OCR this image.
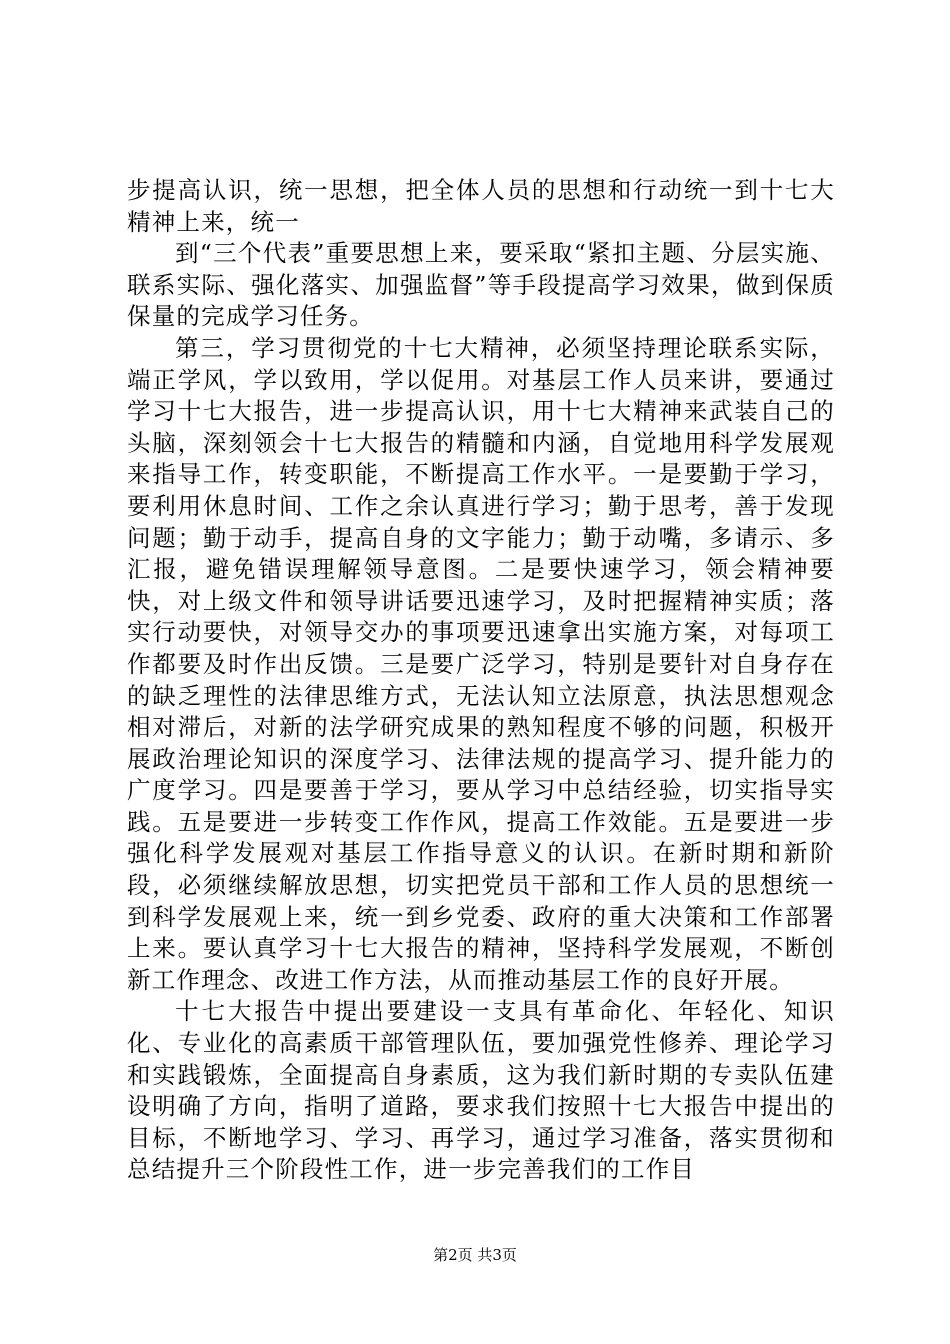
步提高认识，统一思想，把全体人员的思想和行动统一到十七大精神上来，统一

到“三个代表”重要思想上来，要采取“紧扣主题、分层实施、联系实际、强化落实、加强监督”等手段提高学习效果，做到保质保量的完成学习任务。

第三，学习贯彻党的十七大精神，必须坚持理论联系实际，端正学风，学以致用，学以促用。对基层工作人员来讲，要通过学习十七大报告，进一步提高认识，用十七大精神来武装自己的头脑，深刻领会十七大报告的精髓和内涵，自觉地用科学发展观来指导工作，转变职能，不断提高工作水平。一是要勤于学习，要利用休息时间、工作之余认真进行学习；勤于思考，善于发现问题；勤于动手，提高自身的文字能力；勤于动嘴，多请示、多汇报，避免错误理解领导意图。二是要快速学习，领会精神要快，对上级文件和领导讲话要迅速学习，及时把握精神实质；落实行动要快，对领导交办的事项要迅速拿出实施方案，对每项工作都要及时作出反馈。三是要广泛学习，特别是要针对自身存在的缺乏理性的法律思维方式，无法认知立法原意，执法思想观念相对滞后，对新的法学研究成果的熟知程度不够的问题，积极开展政治理论知识的深度学习、法律法规的提高学习、提升能力的广度学习。四是要善于学习，要从学习中总结经验，切实指导实践。五是要进一步转变工作作风，提高工作效能。五是要进一步强化科学发展观对基层工作指导意义的认识。在新时期和新阶段，必须继续解放思想，切实把党员干部和工作人员的思想统一到科学发展观上来，统一到乡党委、政府的重大决策和工作部署上来。要认真学习十七大报告的精神，坚持科学发展观，不断创新工作理念、改进工作方法，从而推动基层工作的良好开展。

十七大报告中提出要建设一支具有革命化、年轻化、知识化、专业化的高素质干部管理队伍，要加强党性修养、理论学习和实践锻炼，全面提高自身素质，这为我们新时期的专卖队伍建设明确了方向，指明了道路，要求我们按照十七大报告中提出的目标，不断地学习、学习、再学习，通过学习准备，落实贯彻和总结提升三个阶段性工作，进一步完善我们的工作目

第2页 共3页
